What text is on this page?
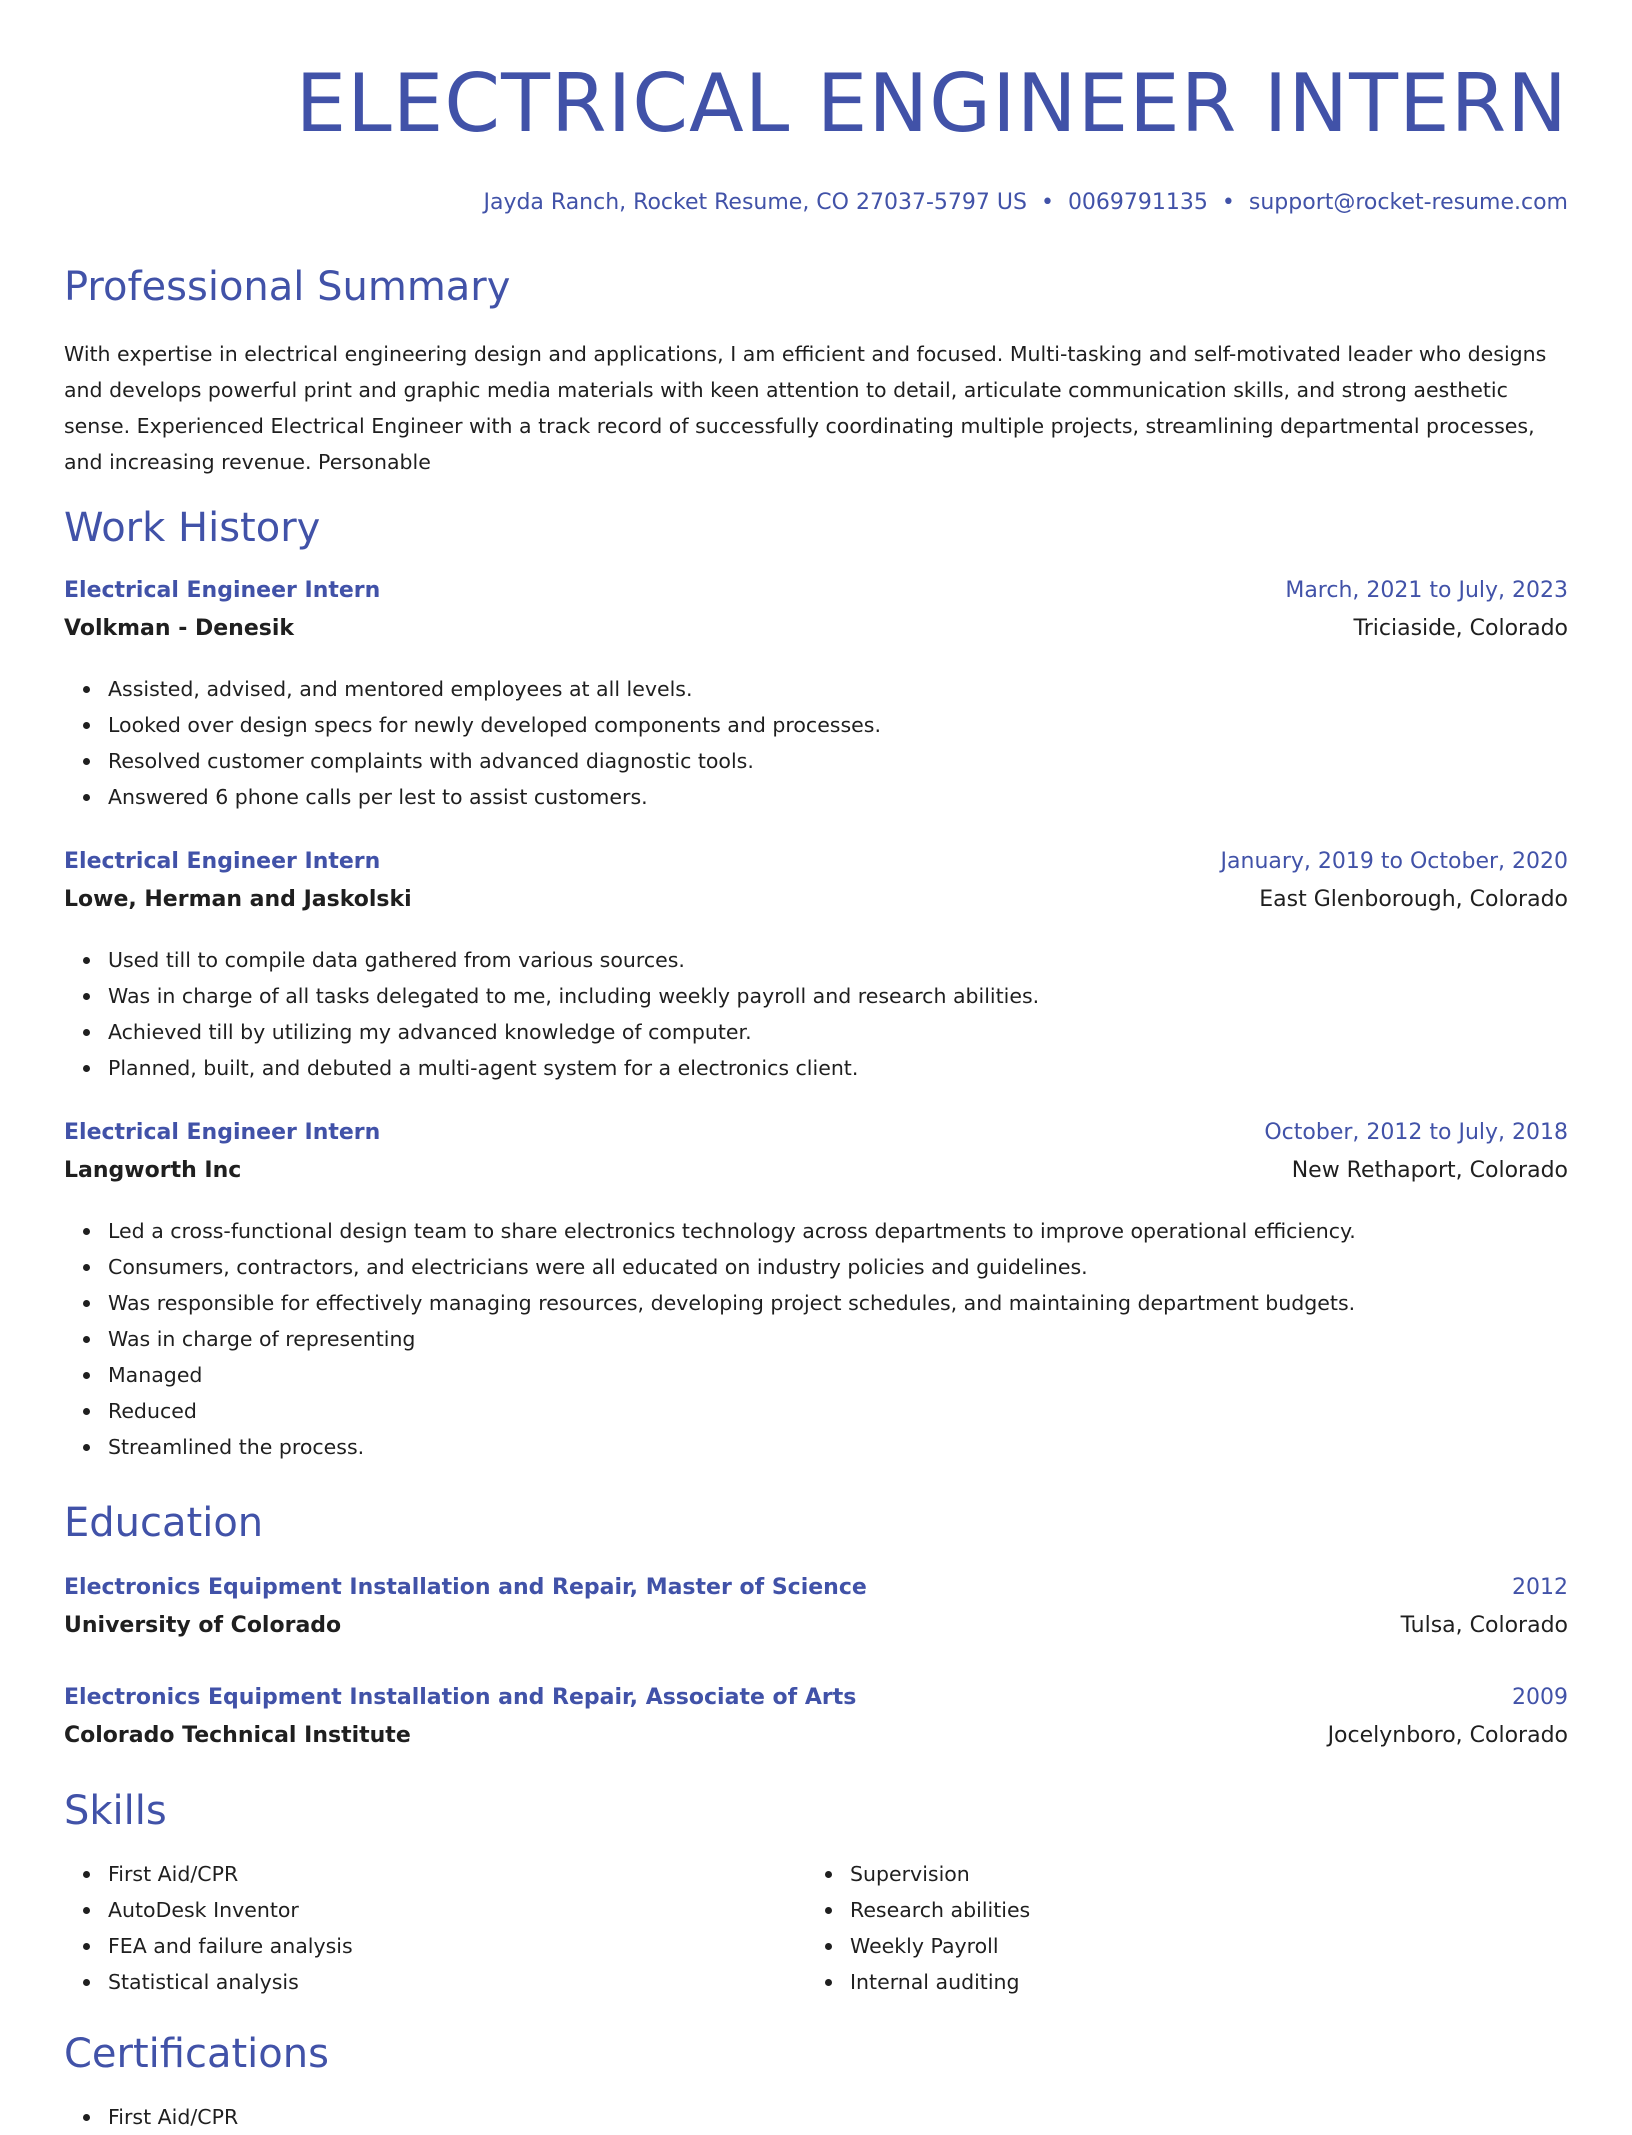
ELECTRICAL ENGINEER INTERN
Jayda Ranch, Rocket Resume, CO 27037-5797 US • 0069791135 • support@rocket-resume.com
Professional Summary
With expertise in electrical engineering design and applications, I am efficient and focused. Multi-tasking and self-motivated leader who designs and develops powerful print and graphic media materials with keen attention to detail, articulate communication skills, and strong aesthetic sense. Experienced Electrical Engineer with a track record of successfully coordinating multiple projects, streamlining departmental processes, and increasing revenue. Personable
Work History
Electrical Engineer Intern	March, 2021 to July, 2023
Volkman - Denesik	Triciaside, Colorado
Assisted, advised, and mentored employees at all levels.
Looked over design specs for newly developed components and processes.
Resolved customer complaints with advanced diagnostic tools.
Answered 6 phone calls per lest to assist customers.
Electrical Engineer Intern	January, 2019 to October, 2020
Lowe, Herman and Jaskolski	East Glenborough, Colorado
Used till to compile data gathered from various sources.
Was in charge of all tasks delegated to me, including weekly payroll and research abilities.
Achieved till by utilizing my advanced knowledge of computer.
Planned, built, and debuted a multi-agent system for a electronics client.
Electrical Engineer Intern	October, 2012 to July, 2018
Langworth Inc	New Rethaport, Colorado
Led a cross-functional design team to share electronics technology across departments to improve operational efficiency.
Consumers, contractors, and electricians were all educated on industry policies and guidelines.
Was responsible for effectively managing resources, developing project schedules, and maintaining department budgets.
Was in charge of representing
Managed
Reduced
Streamlined the process.
Education
Electronics Equipment Installation and Repair, Master of Science	2012
University of Colorado	Tulsa, Colorado
Electronics Equipment Installation and Repair, Associate of Arts	2009
Colorado Technical Institute	Jocelynboro, Colorado
Skills
First Aid/CPR
AutoDesk Inventor
FEA and failure analysis
Statistical analysis
Supervision
Research abilities
Weekly Payroll
Internal auditing
Certifications
First Aid/CPR
